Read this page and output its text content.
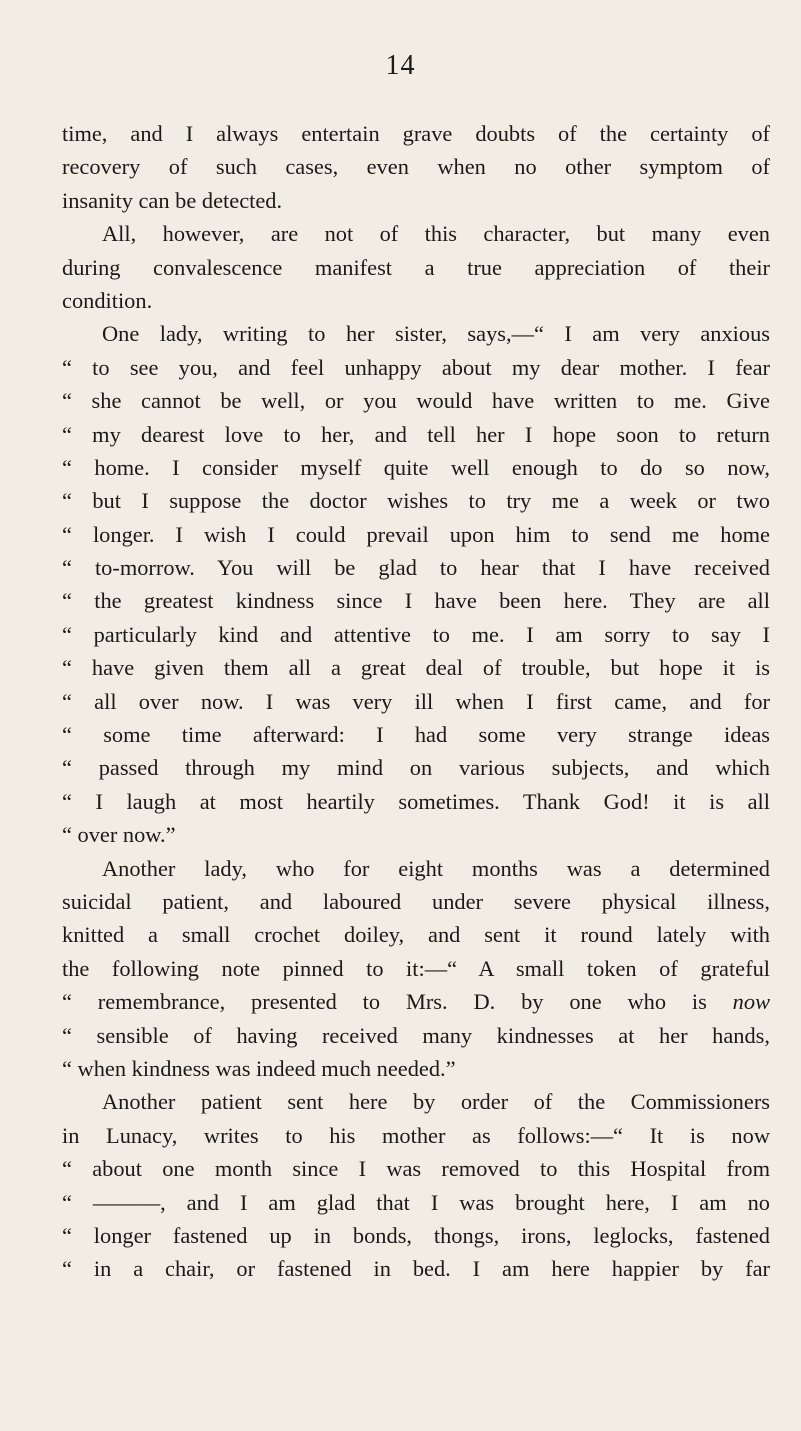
14
time, and I always entertain grave doubts of the certainty of
recovery of such cases, even when no other symptom of
insanity can be detected.
All, however, are not of this character, but many even
during convalescence manifest a true appreciation of their
condition.
One lady, writing to her sister, says,—“ I am very anxious
“ to see you, and feel unhappy about my dear mother. I fear
“ she cannot be well, or you would have written to me. Give
“ my dearest love to her, and tell her I hope soon to return
“ home. I consider myself quite well enough to do so now,
“ but I suppose the doctor wishes to try me a week or two
“ longer. I wish I could prevail upon him to send me home
“ to-morrow. You will be glad to hear that I have received
“ the greatest kindness since I have been here. They are all
“ particularly kind and attentive to me. I am sorry to say I
“ have given them all a great deal of trouble, but hope it is
“ all over now. I was very ill when I first came, and for
“ some time afterward: I had some very strange ideas
“ passed through my mind on various subjects, and which
“ I laugh at most heartily sometimes. Thank God! it is all
“ over now.”
Another lady, who for eight months was a determined
suicidal patient, and laboured under severe physical illness,
knitted a small crochet doiley, and sent it round lately with
the following note pinned to it:—“ A small token of grateful
“ remembrance, presented to Mrs. D. by one who is now
“ sensible of having received many kindnesses at her hands,
“ when kindness was indeed much needed.”
Another patient sent here by order of the Commissioners
in Lunacy, writes to his mother as follows:—“ It is now
“ about one month since I was removed to this Hospital from
“ ———, and I am glad that I was brought here, I am no
“ longer fastened up in bonds, thongs, irons, leglocks, fastened
“ in a chair, or fastened in bed. I am here happier by far
